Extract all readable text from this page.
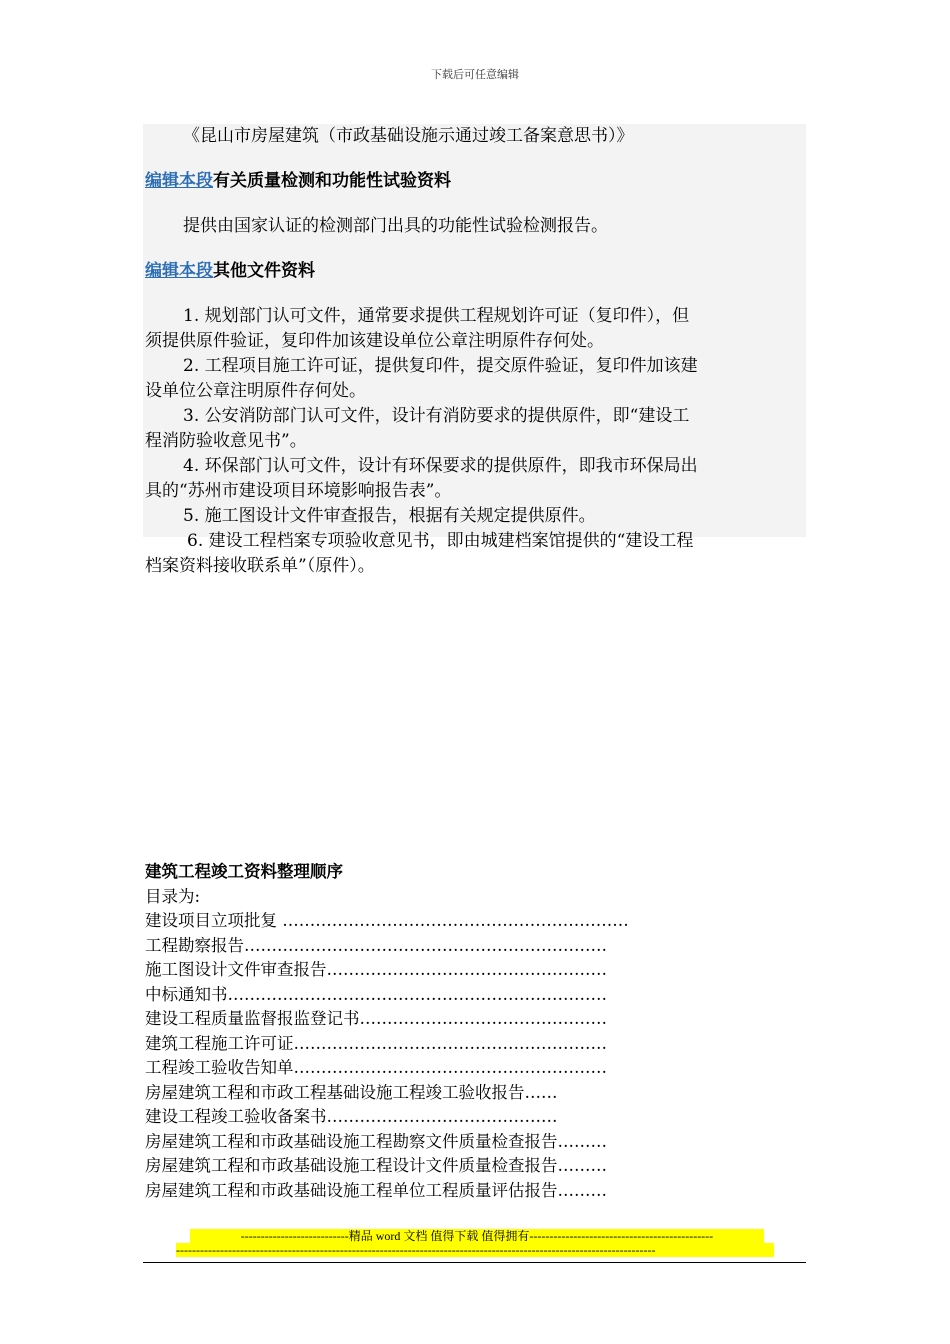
下载后可任意编辑
《昆山市房屋建筑（市政基础设施示通过竣工备案意思书）》
编辑本段有关质量检测和功能性试验资料
提供由国家认证的检测部门出具的功能性试验检测报告。
编辑本段其他文件资料
1. 规划部门认可文件，通常要求提供工程规划许可证（复印件），但
须提供原件验证，复印件加该建设单位公章注明原件存何处。
2. 工程项目施工许可证，提供复印件，提交原件验证，复印件加该建
设单位公章注明原件存何处。
3. 公安消防部门认可文件，设计有消防要求的提供原件，即“建设工
程消防验收意见书”。
4. 环保部门认可文件，设计有环保要求的提供原件，即我市环保局出
具的“苏州市建设项目环境影响报告表”。
5. 施工图设计文件审查报告，根据有关规定提供原件。
6. 建设工程档案专项验收意见书，即由城建档案馆提供的“建设工程
档案资料接收联系单”（原件）。
建筑工程竣工资料整理顺序
目录为:
建设项目立项批复 ………………………………………………………
工程勘察报告…………………………………………………………
施工图设计文件审查报告……………………………………………
中标通知书……………………………………………………………
建设工程质量监督报监登记书………………………………………
建筑工程施工许可证…………………………………………………
工程竣工验收告知单…………………………………………………
房屋建筑工程和市政工程基础设施工程竣工验收报告……
建设工程竣工验收备案书……………………………………
房屋建筑工程和市政基础设施工程勘察文件质量检查报告………
房屋建筑工程和市政基础设施工程设计文件质量检查报告………
房屋建筑工程和市政基础设施工程单位工程质量评估报告………
---------------------------精品 word 文档 值得下载 值得拥有----------------------------------------------
------------------------------------------------------------------------------------------------------------------------
